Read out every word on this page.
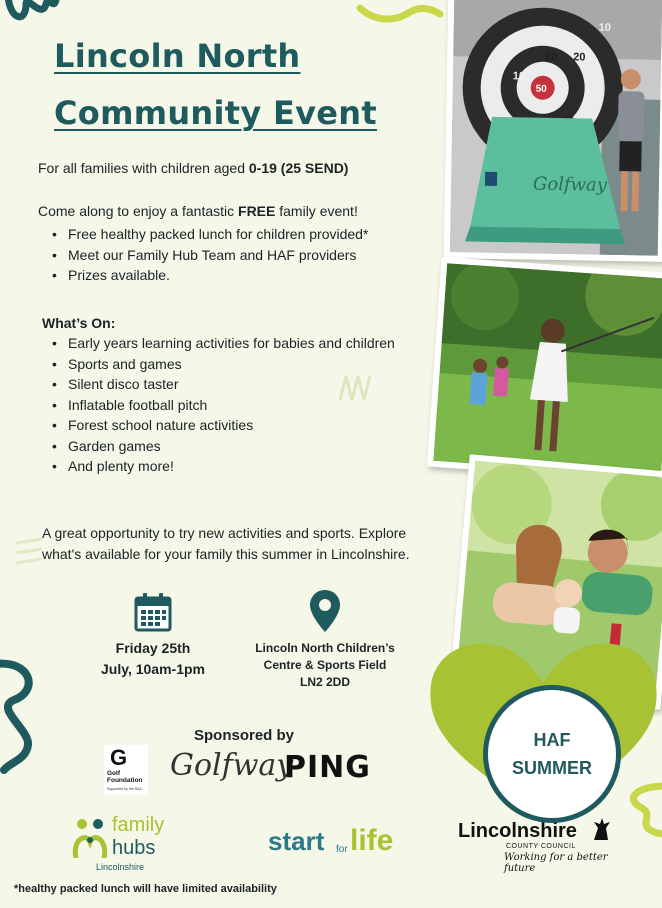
Lincoln North
Community Event
For all families with children aged 0-19 (25 SEND)
Come along to enjoy a fantastic FREE family event!
• Free healthy packed lunch for children provided*
• Meet our Family Hub Team and HAF providers
• Prizes available.
What’s On:
• Early years learning activities for babies and children
• Sports and games
• Silent disco taster
• Inflatable football pitch
• Forest school nature activities
• Garden games
• And plenty more!
A great opportunity to try new activities and sports. Explore what's available for your family this summer in Lincolnshire.
Friday 25th
July, 10am-1pm
Lincoln North Children’s
Centre & Sports Field
LN2 2DD
Sponsored by
G
Golf Foundation
Supported by the R&A
Golfway
PING
family
hubs
Lincolnshire
start for life	Lincolnshire
COUNTY COUNCIL
Working for a better future
*healthy packed lunch will have limited availability
10
20
50
10
20
Golfway
HAF
SUMMER
